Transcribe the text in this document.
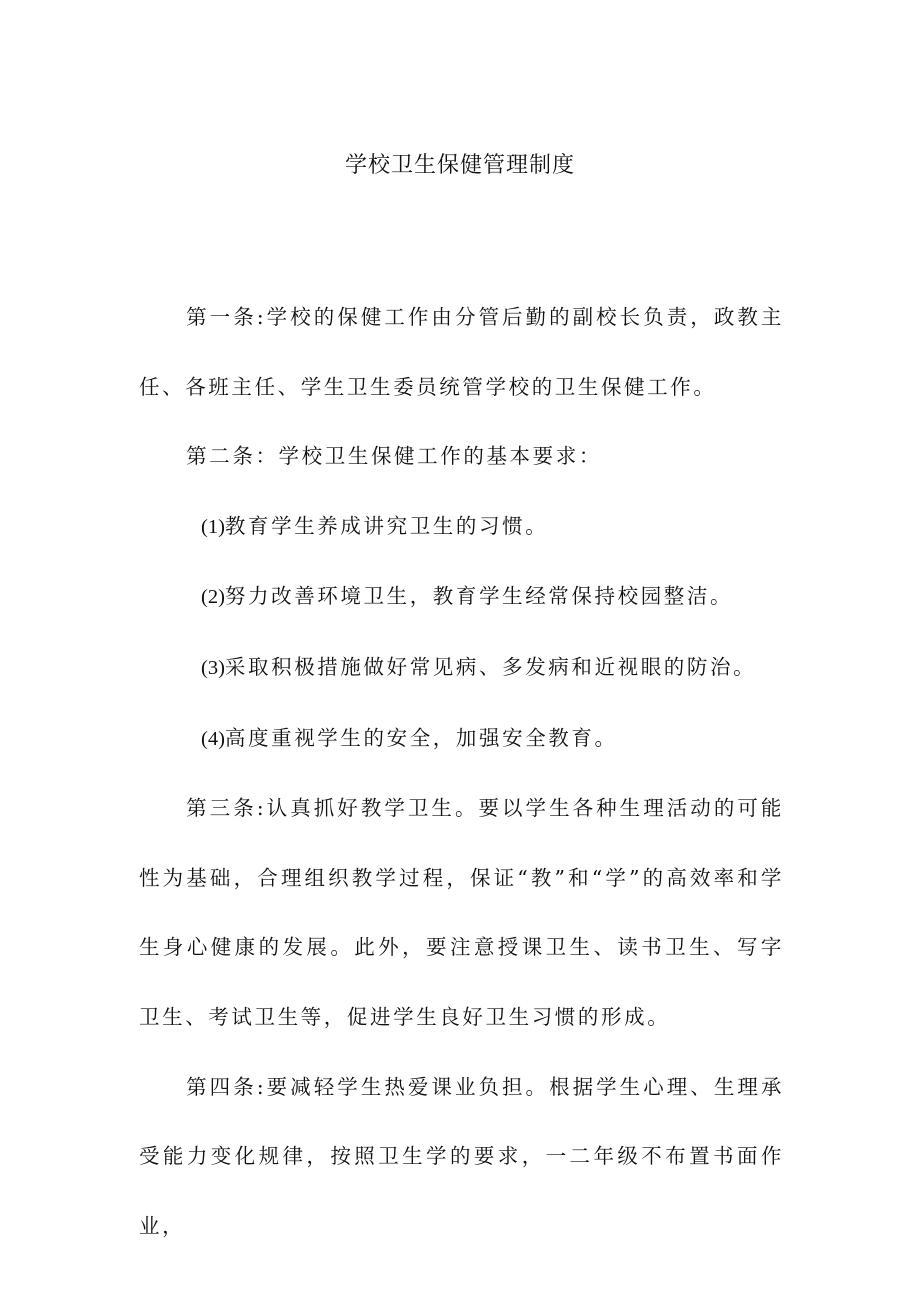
学校卫生保健管理制度

第一条:学校的保健工作由分管后勤的副校长负责，政教主任、各班主任、学生卫生委员统管学校的卫生保健工作。

第二条：学校卫生保健工作的基本要求：

(1)教育学生养成讲究卫生的习惯。

(2)努力改善环境卫生，教育学生经常保持校园整洁。

(3)采取积极措施做好常见病、多发病和近视眼的防治。

(4)高度重视学生的安全，加强安全教育。

第三条:认真抓好教学卫生。要以学生各种生理活动的可能性为基础，合理组织教学过程，保证“教”和“学”的高效率和学生身心健康的发展。此外，要注意授课卫生、读书卫生、写字卫生、考试卫生等，促进学生良好卫生习惯的形成。

第四条:要减轻学生热爱课业负担。根据学生心理、生理承受能力变化规律，按照卫生学的要求，一二年级不布置书面作业，
